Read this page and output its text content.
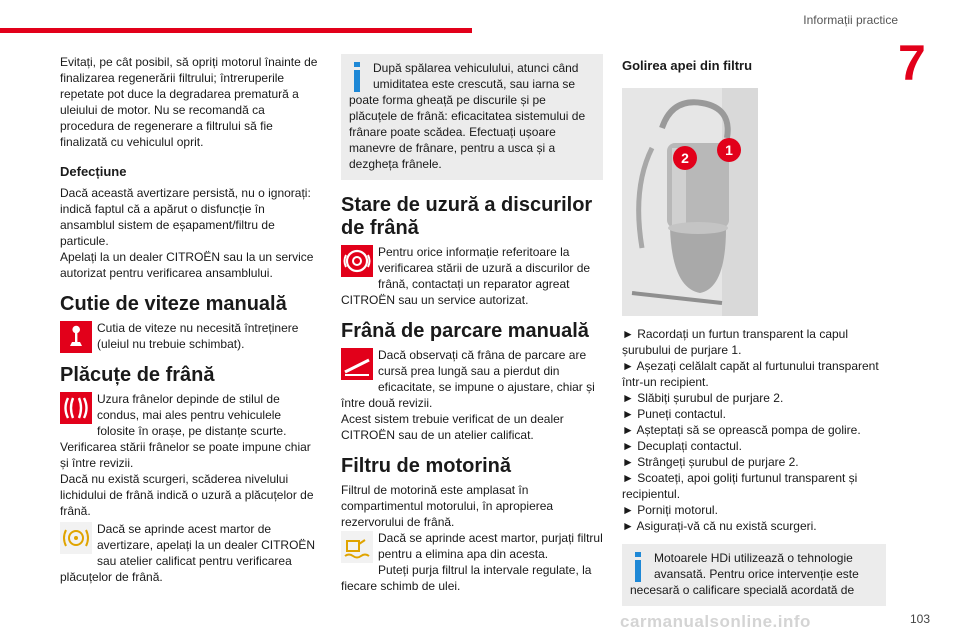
Informații practice
7

Evitați, pe cât posibil, să opriți motorul înainte de finalizarea regenerării filtrului; întreruperile repetate pot duce la degradarea prematură a uleiului de motor. Nu se recomandă ca procedura de regenerare a filtrului să fie finalizată cu vehiculul oprit.

Defecțiune

Dacă această avertizare persistă, nu o ignorați: indică faptul că a apărut o disfuncție în ansamblul sistem de eșapament/filtru de particule.

Apelați la un dealer CITROËN sau la un service autorizat pentru verificarea ansamblului.

Cutie de viteze manuală

Cutia de viteze nu necesită întreținere (uleiul nu trebuie schimbat).

Plăcuțe de frână

Uzura frânelor depinde de stilul de condus, mai ales pentru vehiculele folosite în orașe, pe distanțe scurte. Verificarea stării frânelor se poate impune chiar și între revizii.

Dacă nu există scurgeri, scăderea nivelului lichidului de frână indică o uzură a plăcuțelor de frână.

Dacă se aprinde acest martor de avertizare, apelați la un dealer CITROËN sau atelier calificat pentru verificarea plăcuțelor de frână.

După spălarea vehiculului, atunci când umiditatea este crescută, sau iarna se poate forma gheață pe discurile și pe plăcuțele de frână: eficacitatea sistemului de frânare poate scădea. Efectuați ușoare manevre de frânare, pentru a usca și a dezgheța frânele.

Stare de uzură a discurilor de frână

Pentru orice informație referitoare la verificarea stării de uzură a discurilor de frână, contactați un reparator agreat CITROËN sau un service autorizat.

Frână de parcare manuală

Dacă observați că frâna de parcare are cursă prea lungă sau a pierdut din eficacitate, se impune o ajustare, chiar și între două revizii.

Acest sistem trebuie verificat de un dealer CITROËN sau de un atelier calificat.

Filtru de motorină

Filtrul de motorină este amplasat în compartimentul motorului, în apropierea rezervorului de frână.

Dacă se aprinde acest martor, purjați filtrul pentru a elimina apa din acesta.

Puteți purja filtrul la intervale regulate, la fiecare schimb de ulei.

Golirea apei din filtru
2	1
► Racordați un furtun transparent la capul șurubului de purjare 1.
► Așezați celălalt capăt al furtunului transparent într-un recipient.
► Slăbiți șurubul de purjare 2.
► Puneți contactul.
► Așteptați să se oprească pompa de golire.
► Decuplați contactul.
► Strângeți șurubul de purjare 2.
► Scoateți, apoi goliți furtunul transparent și recipientul.
► Porniți motorul.
► Asigurați-vă că nu există scurgeri.

Motoarele HDi utilizează o tehnologie avansată. Pentru orice intervenție este necesară o calificare specială acordată de

carmanualsonline.info	103
